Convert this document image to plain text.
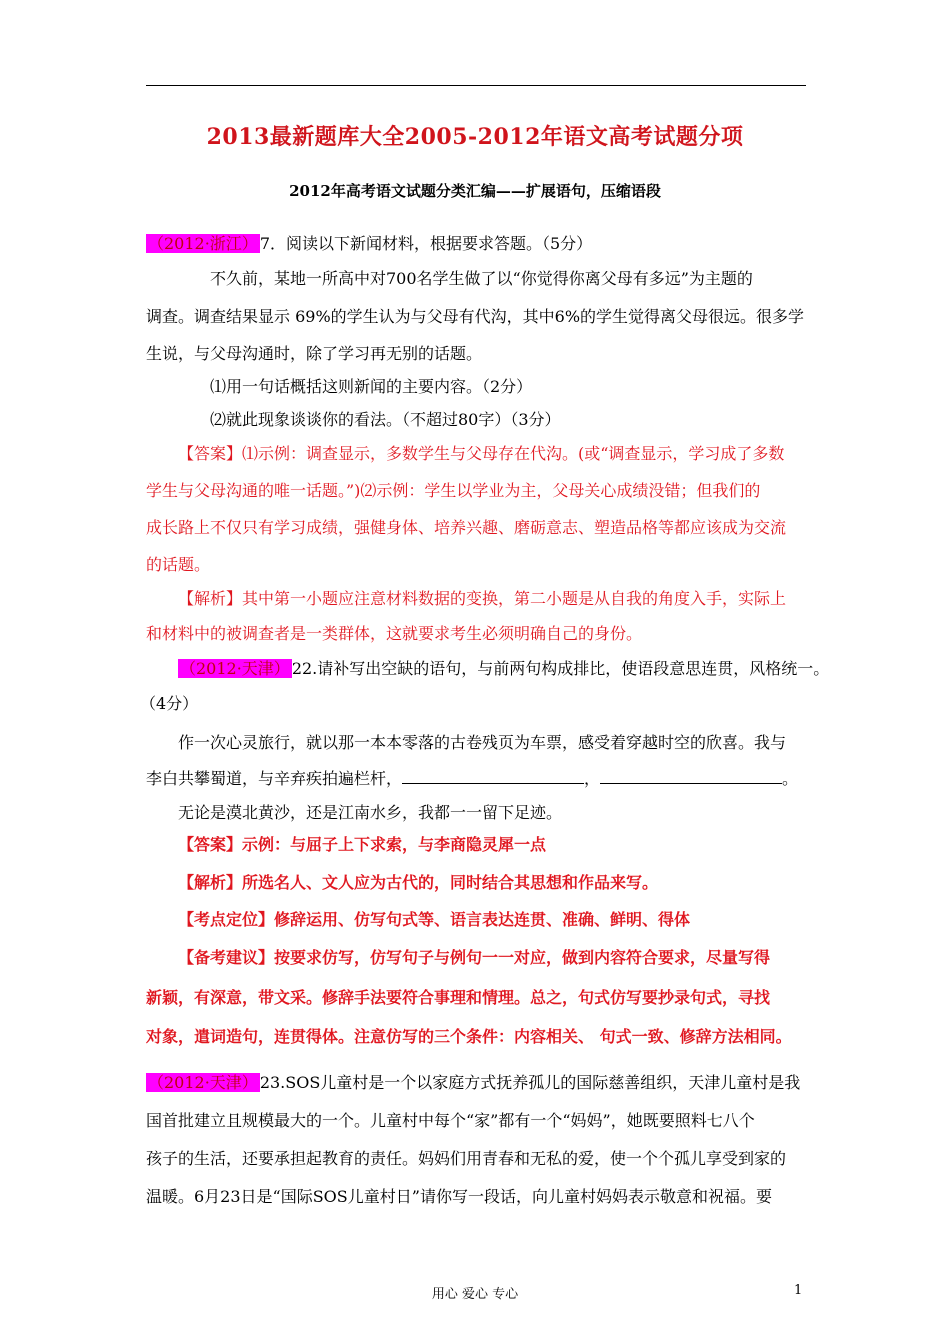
2013最新题库大全2005-2012年语文高考试题分项
2012年高考语文试题分类汇编——扩展语句，压缩语段
（2012·浙江） 7．阅读以下新闻材料，根据要求答题。（5分）
不久前，某地一所高中对700名学生做了以“你觉得你离父母有多远”为主题的
调查。调查结果显示 69%的学生认为与父母有代沟，其中6%的学生觉得离父母很远。很多学
生说，与父母沟通时，除了学习再无别的话题。
⑴用一句话概括这则新闻的主要内容。（2分）
⑵就此现象谈谈你的看法。（不超过80字）（3分）
【答案】⑴示例：调查显示，多数学生与父母存在代沟。(或“调查显示，学习成了多数
学生与父母沟通的唯一话题。”)⑵示例：学生以学业为主，父母关心成绩没错；但我们的
成长路上不仅只有学习成绩，强健身体、培养兴趣、磨砺意志、塑造品格等都应该成为交流
的话题。
【解析】其中第一小题应注意材料数据的变换，第二小题是从自我的角度入手，实际上
和材料中的被调查者是一类群体，这就要求考生必须明确自己的身份。
（2012·天津） 22.请补写出空缺的语句，与前两句构成排比，使语段意思连贯，风格统一。
（4分）
作一次心灵旅行，就以那一本本零落的古卷残页为车票，感受着穿越时空的欣喜。我与
李白共攀蜀道，与辛弃疾拍遍栏杆，	，	。
无论是漠北黄沙，还是江南水乡，我都一一留下足迹。
【答案】示例：与屈子上下求索，与李商隐灵犀一点
【解析】所选名人、文人应为古代的，同时结合其思想和作品来写。
【考点定位】修辞运用、仿写句式等、语言表达连贯、准确、鲜明、得体
【备考建议】按要求仿写，仿写句子与例句一一对应，做到内容符合要求，尽量写得
新颖，有深意，带文采。修辞手法要符合事理和情理。总之，句式仿写要抄录句式，寻找
对象，遣词造句，连贯得体。注意仿写的三个条件：内容相关、 句式一致、修辞方法相同。
（2012·天津） 23.SOS儿童村是一个以家庭方式抚养孤儿的国际慈善组织，天津儿童村是我
国首批建立且规模最大的一个。儿童村中每个“家”都有一个“妈妈”，她既要照料七八个
孩子的生活，还要承担起教育的责任。妈妈们用青春和无私的爱，使一个个孤儿享受到家的
温暖。6月23日是“国际SOS儿童村日”请你写一段话，向儿童村妈妈表示敬意和祝福。要
用心 爱心 专心	1
